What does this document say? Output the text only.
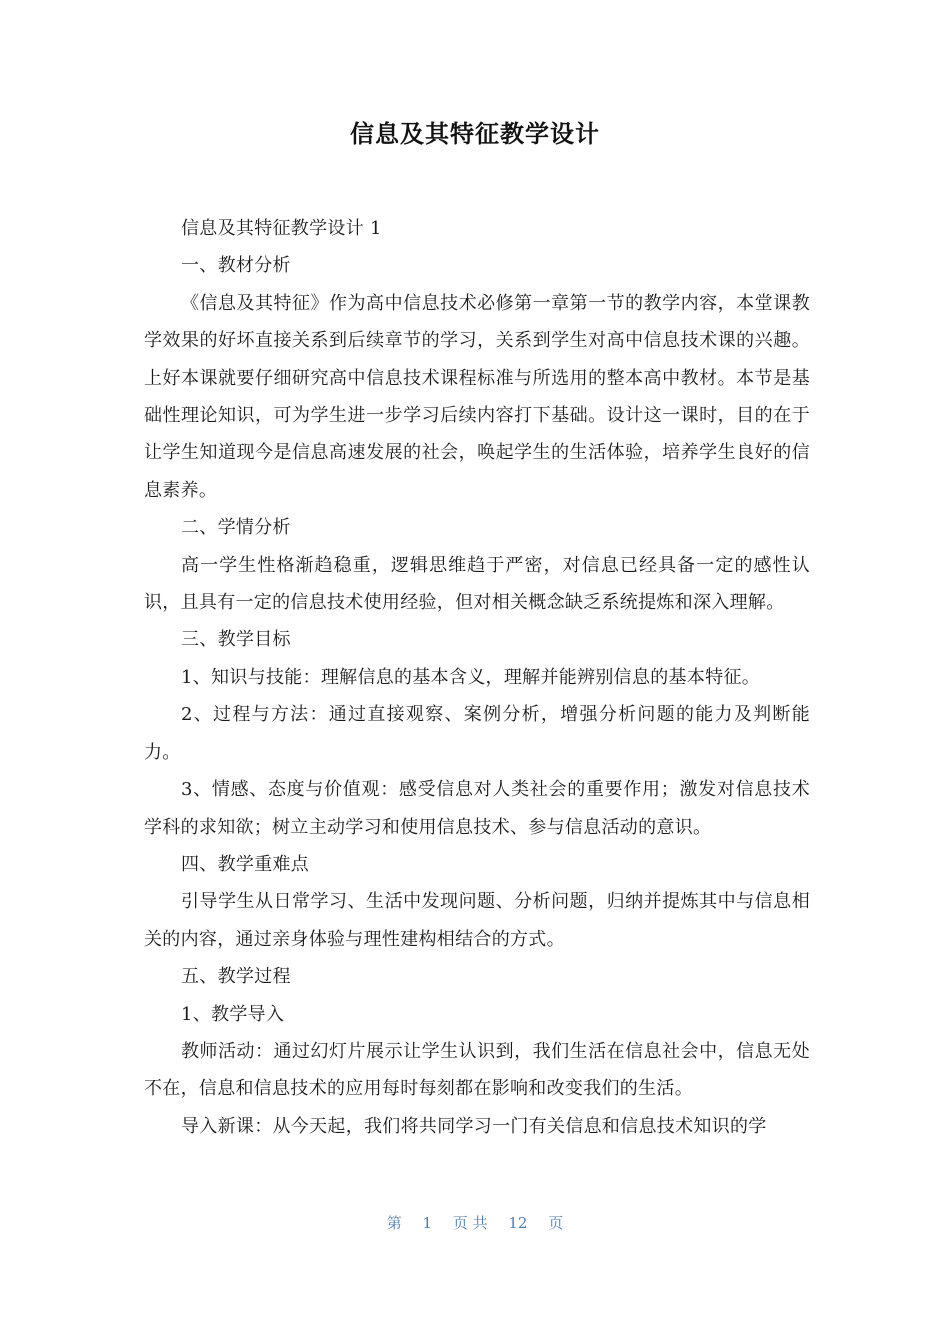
信息及其特征教学设计

信息及其特征教学设计 1

一、教材分析

《信息及其特征》作为高中信息技术必修第一章第一节的教学内容，本堂课教学效果的好坏直接关系到后续章节的学习，关系到学生对高中信息技术课的兴趣。上好本课就要仔细研究高中信息技术课程标准与所选用的整本高中教材。本节是基础性理论知识，可为学生进一步学习后续内容打下基础。设计这一课时，目的在于让学生知道现今是信息高速发展的社会，唤起学生的生活体验，培养学生良好的信息素养。

二、学情分析

高一学生性格渐趋稳重，逻辑思维趋于严密，对信息已经具备一定的感性认识，且具有一定的信息技术使用经验，但对相关概念缺乏系统提炼和深入理解。

三、教学目标

1、知识与技能：理解信息的基本含义，理解并能辨别信息的基本特征。

2、过程与方法：通过直接观察、案例分析，增强分析问题的能力及判断能力。

3、情感、态度与价值观：感受信息对人类社会的重要作用；激发对信息技术学科的求知欲；树立主动学习和使用信息技术、参与信息活动的意识。

四、教学重难点

引导学生从日常学习、生活中发现问题、分析问题，归纳并提炼其中与信息相关的内容，通过亲身体验与理性建构相结合的方式。

五、教学过程

1、教学导入

教师活动：通过幻灯片展示让学生认识到，我们生活在信息社会中，信息无处不在，信息和信息技术的应用每时每刻都在影响和改变我们的生活。

导入新课：从今天起，我们将共同学习一门有关信息和信息技术知识的学

第 1 页 共 12 页
